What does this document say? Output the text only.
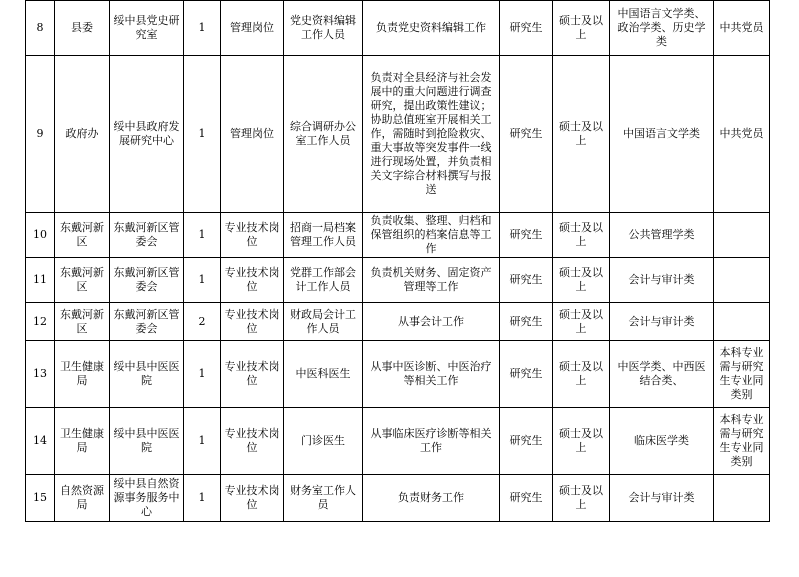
8	县委	绥中县党史研究室	1	管理岗位	党史资料编辑工作人员	负责党史资料编辑工作	研究生	硕士及以上	中国语言文学类、政治学类、历史学类	中共党员
9	政府办	绥中县政府发展研究中心	1	管理岗位	综合调研办公室工作人员	负责对全县经济与社会发展中的重大问题进行调查研究，提出政策性建议；协助总值班室开展相关工作，需随时到抢险救灾、重大事故等突发事件一线进行现场处置，并负责相关文字综合材料撰写与报送	研究生	硕士及以上	中国语言文学类	中共党员
10	东戴河新区	东戴河新区管委会	1	专业技术岗位	招商一局档案管理工作人员	负责收集、整理、归档和保管组织的档案信息等工作	研究生	硕士及以上	公共管理学类	
11	东戴河新区	东戴河新区管委会	1	专业技术岗位	党群工作部会计工作人员	负责机关财务、固定资产管理等工作	研究生	硕士及以上	会计与审计类	
12	东戴河新区	东戴河新区管委会	2	专业技术岗位	财政局会计工作人员	从事会计工作	研究生	硕士及以上	会计与审计类	
13	卫生健康局	绥中县中医医院	1	专业技术岗位	中医科医生	从事中医诊断、中医治疗等相关工作	研究生	硕士及以上	中医学类、中西医结合类、	本科专业需与研究生专业同类别
14	卫生健康局	绥中县中医医院	1	专业技术岗位	门诊医生	从事临床医疗诊断等相关工作	研究生	硕士及以上	临床医学类	本科专业需与研究生专业同类别
15	自然资源局	绥中县自然资源事务服务中心	1	专业技术岗位	财务室工作人员	负责财务工作	研究生	硕士及以上	会计与审计类	
